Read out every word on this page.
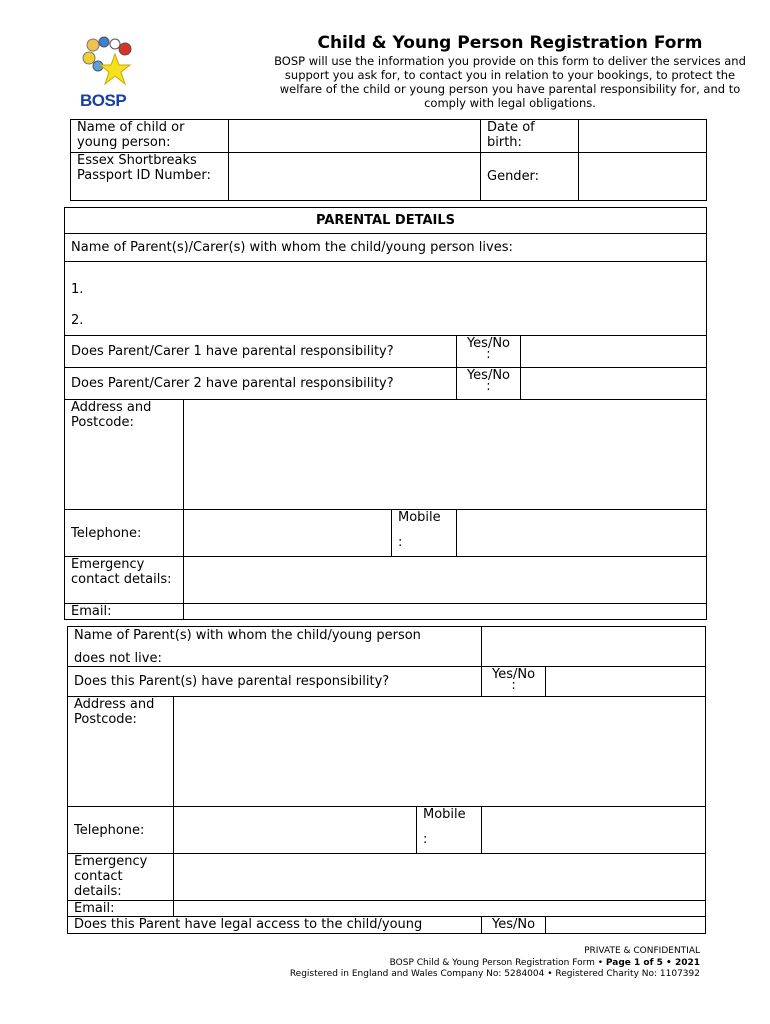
BOSP
Child & Young Person Registration Form
BOSP will use the information you provide on this form to deliver the services and support you ask for, to contact you in relation to your bookings, to protect the welfare of the child or young person you have parental responsibility for, and to comply with legal obligations.
Name of child or young person:		Date of birth:	
Essex Shortbreaks Passport ID Number:		Gender:	
PARENTAL DETAILS				
Name of Parent(s)/Carer(s) with whom the child/young person lives:				

1.
2.				

Does Parent/Carer 1 have parental responsibility?			Yes/No
:	

Does Parent/Carer 2 have parental responsibility?			Yes/No
:	

Address and Postcode:				
Telephone:		Mobile
:		

Emergency contact details:				
Email:				
Name of Parent(s) with whom the child/young person
does not live:				

Does this Parent(s) have parental responsibility?			Yes/No
:	

Address and Postcode:				
Telephone:		Mobile
:		

Emergency contact details:				
Email:				
Does this Parent have legal access to the child/young			Yes/No	
PRIVATE & CONFIDENTIAL
BOSP Child & Young Person Registration Form • Page 1 of 5 • 2021
Registered in England and Wales Company No: 5284004 • Registered Charity No: 1107392
